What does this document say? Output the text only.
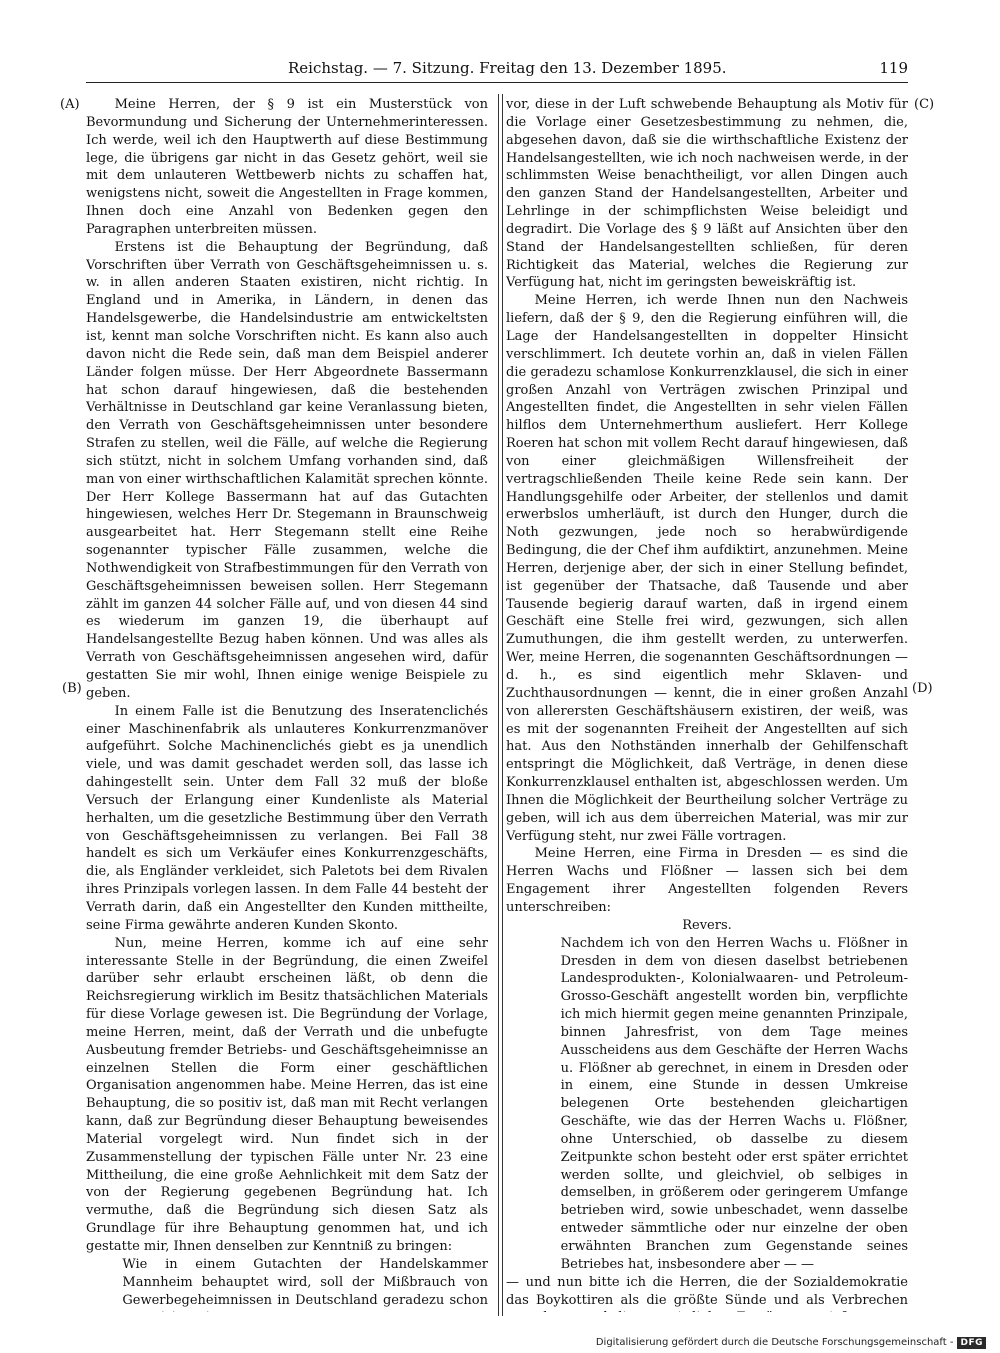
Reichstag. — 7. Sitzung. Freitag den 13. Dezember 1895.	119
(A)
(B)
(C)
(D)

Meine Herren, der § 9 ist ein Musterstück von Bevormundung und Sicherung der Unternehmerinteressen. Ich werde, weil ich den Hauptwerth auf diese Bestimmung lege, die übrigens gar nicht in das Gesetz gehört, weil sie mit dem unlauteren Wettbewerb nichts zu schaffen hat, wenigstens nicht, soweit die Angestellten in Frage kommen, Ihnen doch eine Anzahl von Bedenken gegen den Paragraphen unterbreiten müssen.

Erstens ist die Behauptung der Begründung, daß Vorschriften über Verrath von Geschäftsgeheimnissen u. s. w. in allen anderen Staaten existiren, nicht richtig. In England und in Amerika, in Ländern, in denen das Handelsgewerbe, die Handelsindustrie am entwickeltsten ist, kennt man solche Vorschriften nicht. Es kann also auch davon nicht die Rede sein, daß man dem Beispiel anderer Länder folgen müsse. Der Herr Abgeordnete Bassermann hat schon darauf hingewiesen, daß die bestehenden Verhältnisse in Deutschland gar keine Veranlassung bieten, den Verrath von Geschäftsgeheimnissen unter besondere Strafen zu stellen, weil die Fälle, auf welche die Regierung sich stützt, nicht in solchem Umfang vorhanden sind, daß man von einer wirthschaftlichen Kalamität sprechen könnte. Der Herr Kollege Bassermann hat auf das Gutachten hingewiesen, welches Herr Dr. Stegemann in Braunschweig ausgearbeitet hat. Herr Stegemann stellt eine Reihe sogenannter typischer Fälle zusammen, welche die Nothwendigkeit von Strafbestimmungen für den Verrath von Geschäftsgeheimnissen beweisen sollen. Herr Stegemann zählt im ganzen 44 solcher Fälle auf, und von diesen 44 sind es wiederum im ganzen 19, die überhaupt auf Handelsangestellte Bezug haben können. Und was alles als Verrath von Geschäftsgeheimnissen angesehen wird, dafür gestatten Sie mir wohl, Ihnen einige wenige Beispiele zu geben.

In einem Falle ist die Benutzung des Inseratenclichés einer Maschinenfabrik als unlauteres Konkurrenzmanöver aufgeführt. Solche Machinenclichés giebt es ja unendlich viele, und was damit geschadet werden soll, das lasse ich dahingestellt sein. Unter dem Fall 32 muß der bloße Versuch der Erlangung einer Kundenliste als Material herhalten, um die gesetzliche Bestimmung über den Verrath von Geschäftsgeheimnissen zu verlangen. Bei Fall 38 handelt es sich um Verkäufer eines Konkurrenzgeschäfts, die, als Engländer verkleidet, sich Paletots bei dem Rivalen ihres Prinzipals vorlegen lassen. In dem Falle 44 besteht der Verrath darin, daß ein Angestellter den Kunden mittheilte, seine Firma gewährte anderen Kunden Skonto.

Nun, meine Herren, komme ich auf eine sehr interessante Stelle in der Begründung, die einen Zweifel darüber sehr erlaubt erscheinen läßt, ob denn die Reichsregierung wirklich im Besitz thatsächlichen Materials für diese Vorlage gewesen ist. Die Begründung der Vorlage, meine Herren, meint, daß der Verrath und die unbefugte Ausbeutung fremder Betriebs- und Geschäftsgeheimnisse an einzelnen Stellen die Form einer geschäftlichen Organisation angenommen habe. Meine Herren, das ist eine Behauptung, die so positiv ist, daß man mit Recht verlangen kann, daß zur Begründung dieser Behauptung beweisendes Material vorgelegt wird. Nun findet sich in der Zusammenstellung der typischen Fälle unter Nr. 23 eine Mittheilung, die eine große Aehnlichkeit mit dem Satz der von der Regierung gegebenen Begründung hat. Ich vermuthe, daß die Begründung sich diesen Satz als Grundlage für ihre Behauptung genommen hat, und ich gestatte mir, Ihnen denselben zur Kenntniß zu bringen:

Wie in einem Gutachten der Handelskammer Mannheim behauptet wird, soll der Mißbrauch von Gewerbegeheimnissen in Deutschland geradezu schon

vor, diese in der Luft schwebende Behauptung als Motiv für die Vorlage einer Gesetzesbestimmung zu nehmen, die, abgesehen davon, daß sie die wirthschaftliche Existenz der Handelsangestellten, wie ich noch nachweisen werde, in der schlimmsten Weise benachtheiligt, vor allen Dingen auch den ganzen Stand der Handelsangestellten, Arbeiter und Lehrlinge in der schimpflichsten Weise beleidigt und degradirt. Die Vorlage des § 9 läßt auf Ansichten über den Stand der Handelsangestellten schließen, für deren Richtigkeit das Material, welches die Regierung zur Verfügung hat, nicht im geringsten beweiskräftig ist.

Meine Herren, ich werde Ihnen nun den Nachweis liefern, daß der § 9, den die Regierung einführen will, die Lage der Handelsangestellten in doppelter Hinsicht verschlimmert. Ich deutete vorhin an, daß in vielen Fällen die geradezu schamlose Konkurrenzklausel, die sich in einer großen Anzahl von Verträgen zwischen Prinzipal und Angestellten findet, die Angestellten in sehr vielen Fällen hilflos dem Unternehmerthum ausliefert. Herr Kollege Roeren hat schon mit vollem Recht darauf hingewiesen, daß von einer gleichmäßigen Willensfreiheit der vertragschließenden Theile keine Rede sein kann. Der Handlungsgehilfe oder Arbeiter, der stellenlos und damit erwerbslos umherläuft, ist durch den Hunger, durch die Noth gezwungen, jede noch so herabwürdigende Bedingung, die der Chef ihm aufdiktirt, anzunehmen. Meine Herren, derjenige aber, der sich in einer Stellung befindet, ist gegenüber der Thatsache, daß Tausende und aber Tausende begierig darauf warten, daß in irgend einem Geschäft eine Stelle frei wird, gezwungen, sich allen Zumuthungen, die ihm gestellt werden, zu unterwerfen. Wer, meine Herren, die sogenannten Geschäftsordnungen — d. h., es sind eigentlich mehr Sklaven- und Zuchthausordnungen — kennt, die in einer großen Anzahl von allerersten Geschäftshäusern existiren, der weiß, was es mit der sogenannten Freiheit der Angestellten auf sich hat. Aus den Nothständen innerhalb der Gehilfenschaft entspringt die Möglichkeit, daß Verträge, in denen diese Konkurrenzklausel enthalten ist, abgeschlossen werden. Um Ihnen die Möglichkeit der Beurtheilung solcher Verträge zu geben, will ich aus dem überreichen Material, was mir zur Verfügung steht, nur zwei Fälle vortragen.

Meine Herren, eine Firma in Dresden — es sind die Herren Wachs und Flößner — lassen sich bei dem Engagement ihrer Angestellten folgenden Revers unterschreiben:

Revers.

Nachdem ich von den Herren Wachs u. Flößner in Dresden in dem von diesen daselbst betriebenen Landesprodukten-, Kolonialwaaren- und Petroleum-Grosso-Geschäft angestellt worden bin, verpflichte ich mich hiermit gegen meine genannten Prinzipale, binnen Jahresfrist, von dem Tage meines Ausscheidens aus dem Geschäfte der Herren Wachs u. Flößner ab gerechnet, in einem in Dresden oder in einem, eine Stunde in dessen Umkreise belegenen Orte bestehenden gleichartigen Geschäfte, wie das der Herren Wachs u. Flößner, ohne Unterschied, ob dasselbe zu diesem Zeitpunkte schon besteht oder erst später errichtet werden sollte, und gleichviel, ob selbiges in demselben, in größerem oder geringerem Umfange betrieben wird, sowie unbeschadet, wenn dasselbe entweder sämmtliche oder nur einzelne der oben erwähnten Branchen zum Gegenstande seines Betriebes hat, insbesondere aber — —

— und nun bitte ich die Herren, die der Sozialdemokratie das Boykottiren als die größte Sünde und als Verbrechen

Digitalisierung gefördert durch die Deutsche Forschungsgemeinschaft - DFG
